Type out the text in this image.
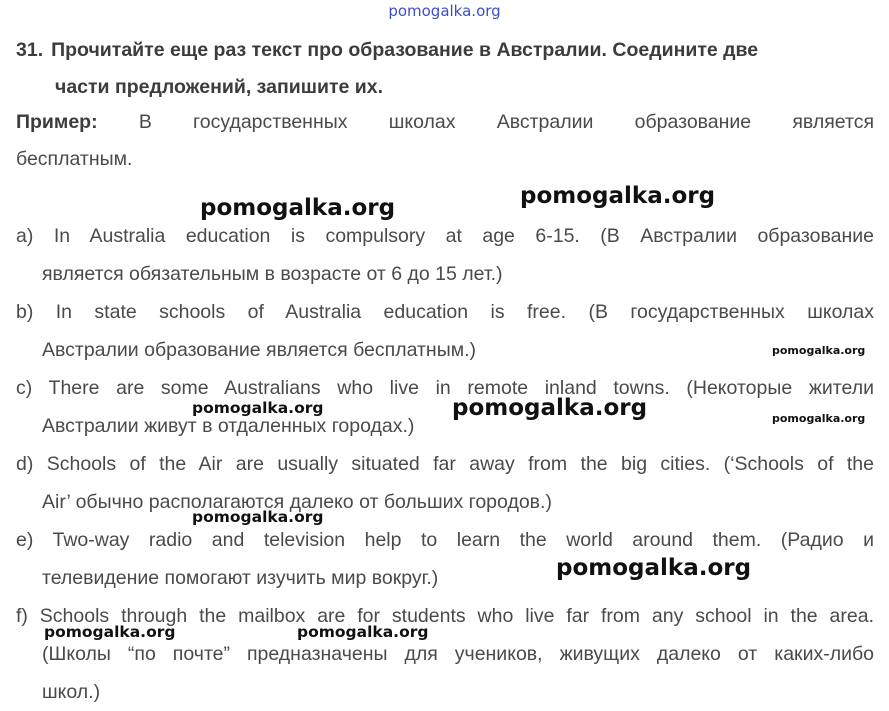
pomogalka.org
31. Прочитайте еще раз текст про образование в Австралии. Соедините две
части предложений, запишите их.
Пример: В государственных школах Австралии образование является
бесплатным.
a) In Australia education is compulsory at age 6-15. (В Австралии образование
является обязательным в возрасте от 6 до 15 лет.)
b) In state schools of Australia education is free. (В государственных школах
Австралии образование является бесплатным.)
c) There are some Australians who live in remote inland towns. (Некоторые жители
Австралии живут в отдаленных городах.)
d) Schools of the Air are usually situated far away from the big cities. (‘Schools of the
Air’ обычно располагаются далеко от больших городов.)
e) Two-way radio and television help to learn the world around them. (Радио и
телевидение помогают изучить мир вокруг.)
f) Schools through the mailbox are for students who live far from any school in the area.
(Школы “по почте” предназначены для учеников, живущих далеко от каких-либо
школ.)
pomogalka.org	pomogalka.org
pomogalka.org
pomogalka.org	pomogalka.org	pomogalka.org
pomogalka.org
pomogalka.org
pomogalka.org	pomogalka.org
